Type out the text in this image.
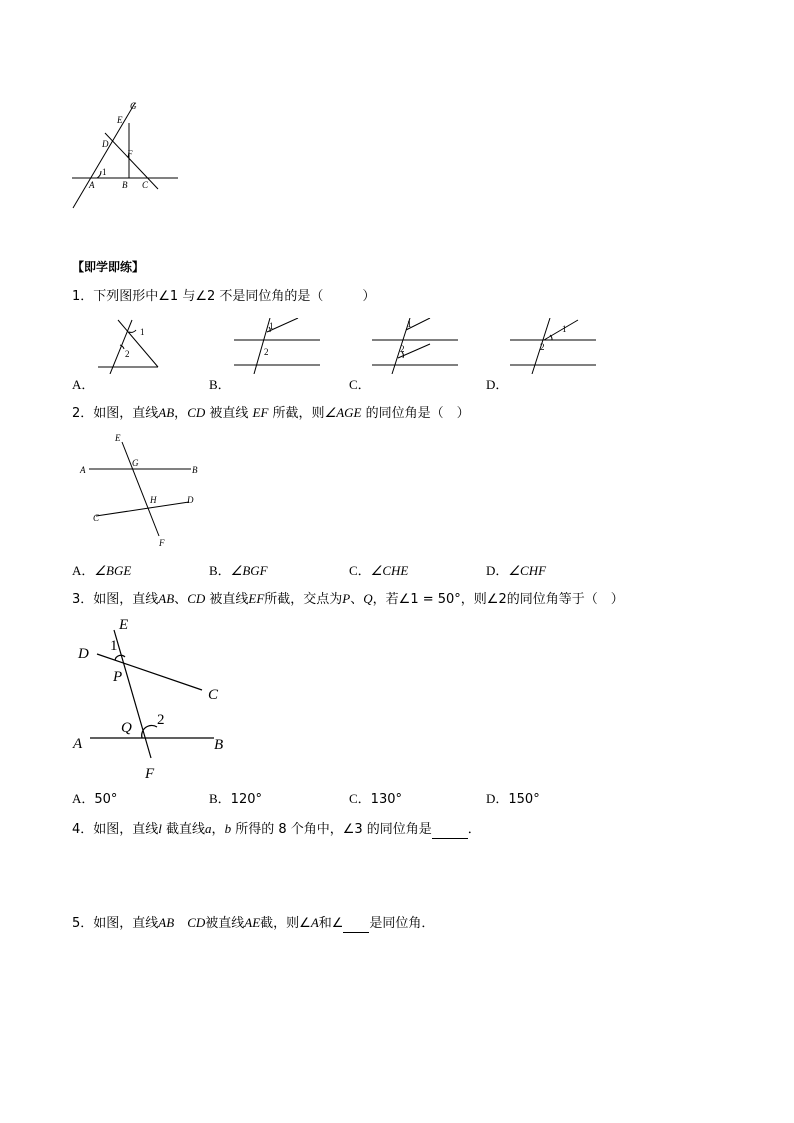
G
E
D
F
A	B C
1
【即学即练】
1．下列图形中∠1 与∠2 不是同位角的是（　　　）
1
2
1
2
1
2
1
2
A．	B．	C．	D．
2．如图，直线AB，CD 被直线 EF 所截，则∠AGE 的同位角是（　）
E
A
G
B
H	D
C
F
A．∠BGE	B．∠BGF	C．∠CHE	D．∠CHF
3．如图，直线AB、CD 被直线EF所截，交点为P、Q，若∠1 = 50°，则∠2的同位角等于（　）
E
1
D
P
C
Q 2
A	B
F
A．50°	B．120°	C．130°	D．150°
4．如图，直线l 截直线a，b 所得的 8 个角中，∠3 的同位角是	．
5．如图，直线AB　 CD被直线AE截，则∠A和∠ 是同位角．
